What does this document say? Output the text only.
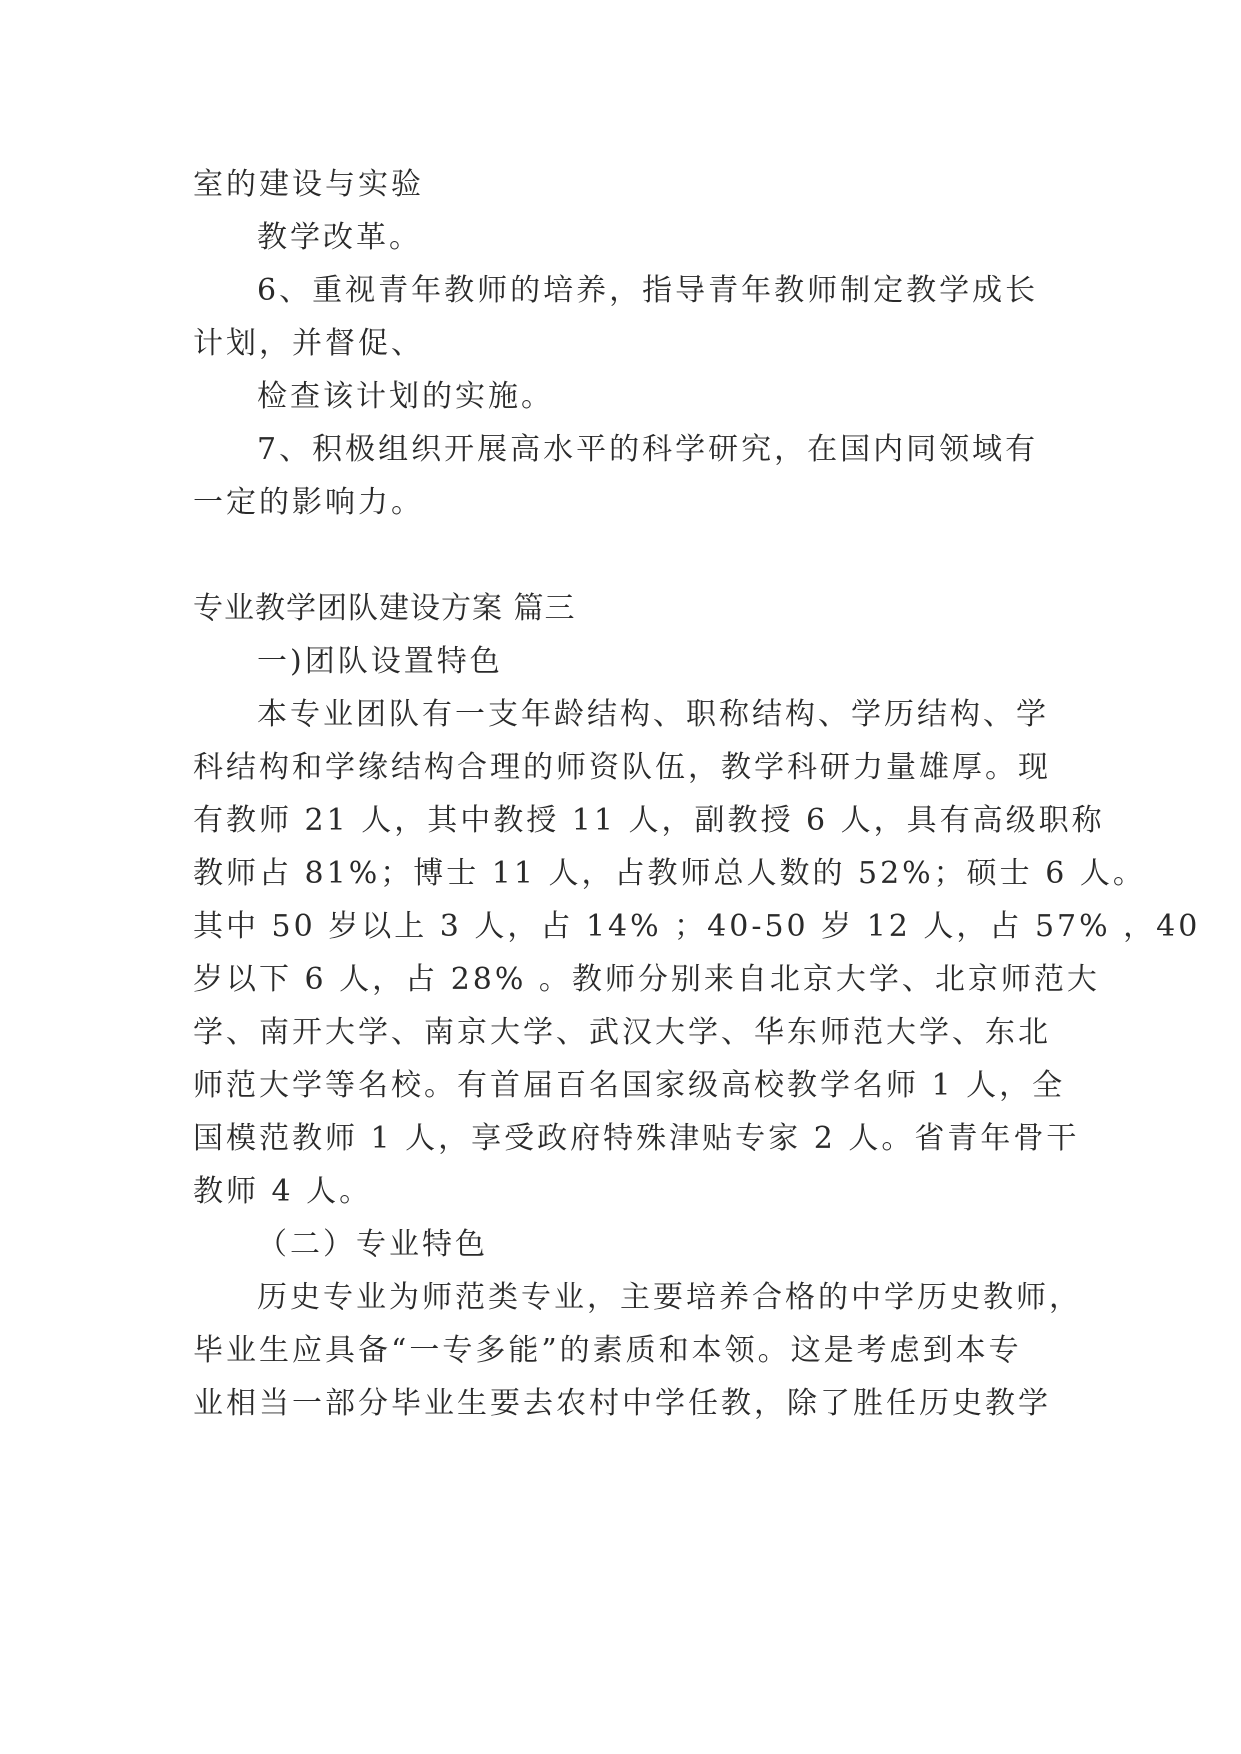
室的建设与实验
教学改革。
6、重视青年教师的培养，指导青年教师制定教学成长
计划，并督促、
检查该计划的实施。
7、积极组织开展高水平的科学研究，在国内同领域有
一定的影响力。
专业教学团队建设方案 篇三
一)团队设置特色
本专业团队有一支年龄结构、职称结构、学历结构、学
科结构和学缘结构合理的师资队伍，教学科研力量雄厚。现
有教师 21 人，其中教授 11 人，副教授 6 人，具有高级职称
教师占 81%；博士 11 人，占教师总人数的 52%；硕士 6 人。
其中 50 岁以上 3 人，占 14% ；40-50 岁 12 人，占 57% ，40
岁以下 6 人，占 28% 。教师分别来自北京大学、北京师范大
学、南开大学、南京大学、武汉大学、华东师范大学、东北
师范大学等名校。有首届百名国家级高校教学名师 1 人，全
国模范教师 1 人，享受政府特殊津贴专家 2 人。省青年骨干
教师 4 人。
（二）专业特色
历史专业为师范类专业，主要培养合格的中学历史教师，
毕业生应具备“一专多能”的素质和本领。这是考虑到本专
业相当一部分毕业生要去农村中学任教，除了胜任历史教学
